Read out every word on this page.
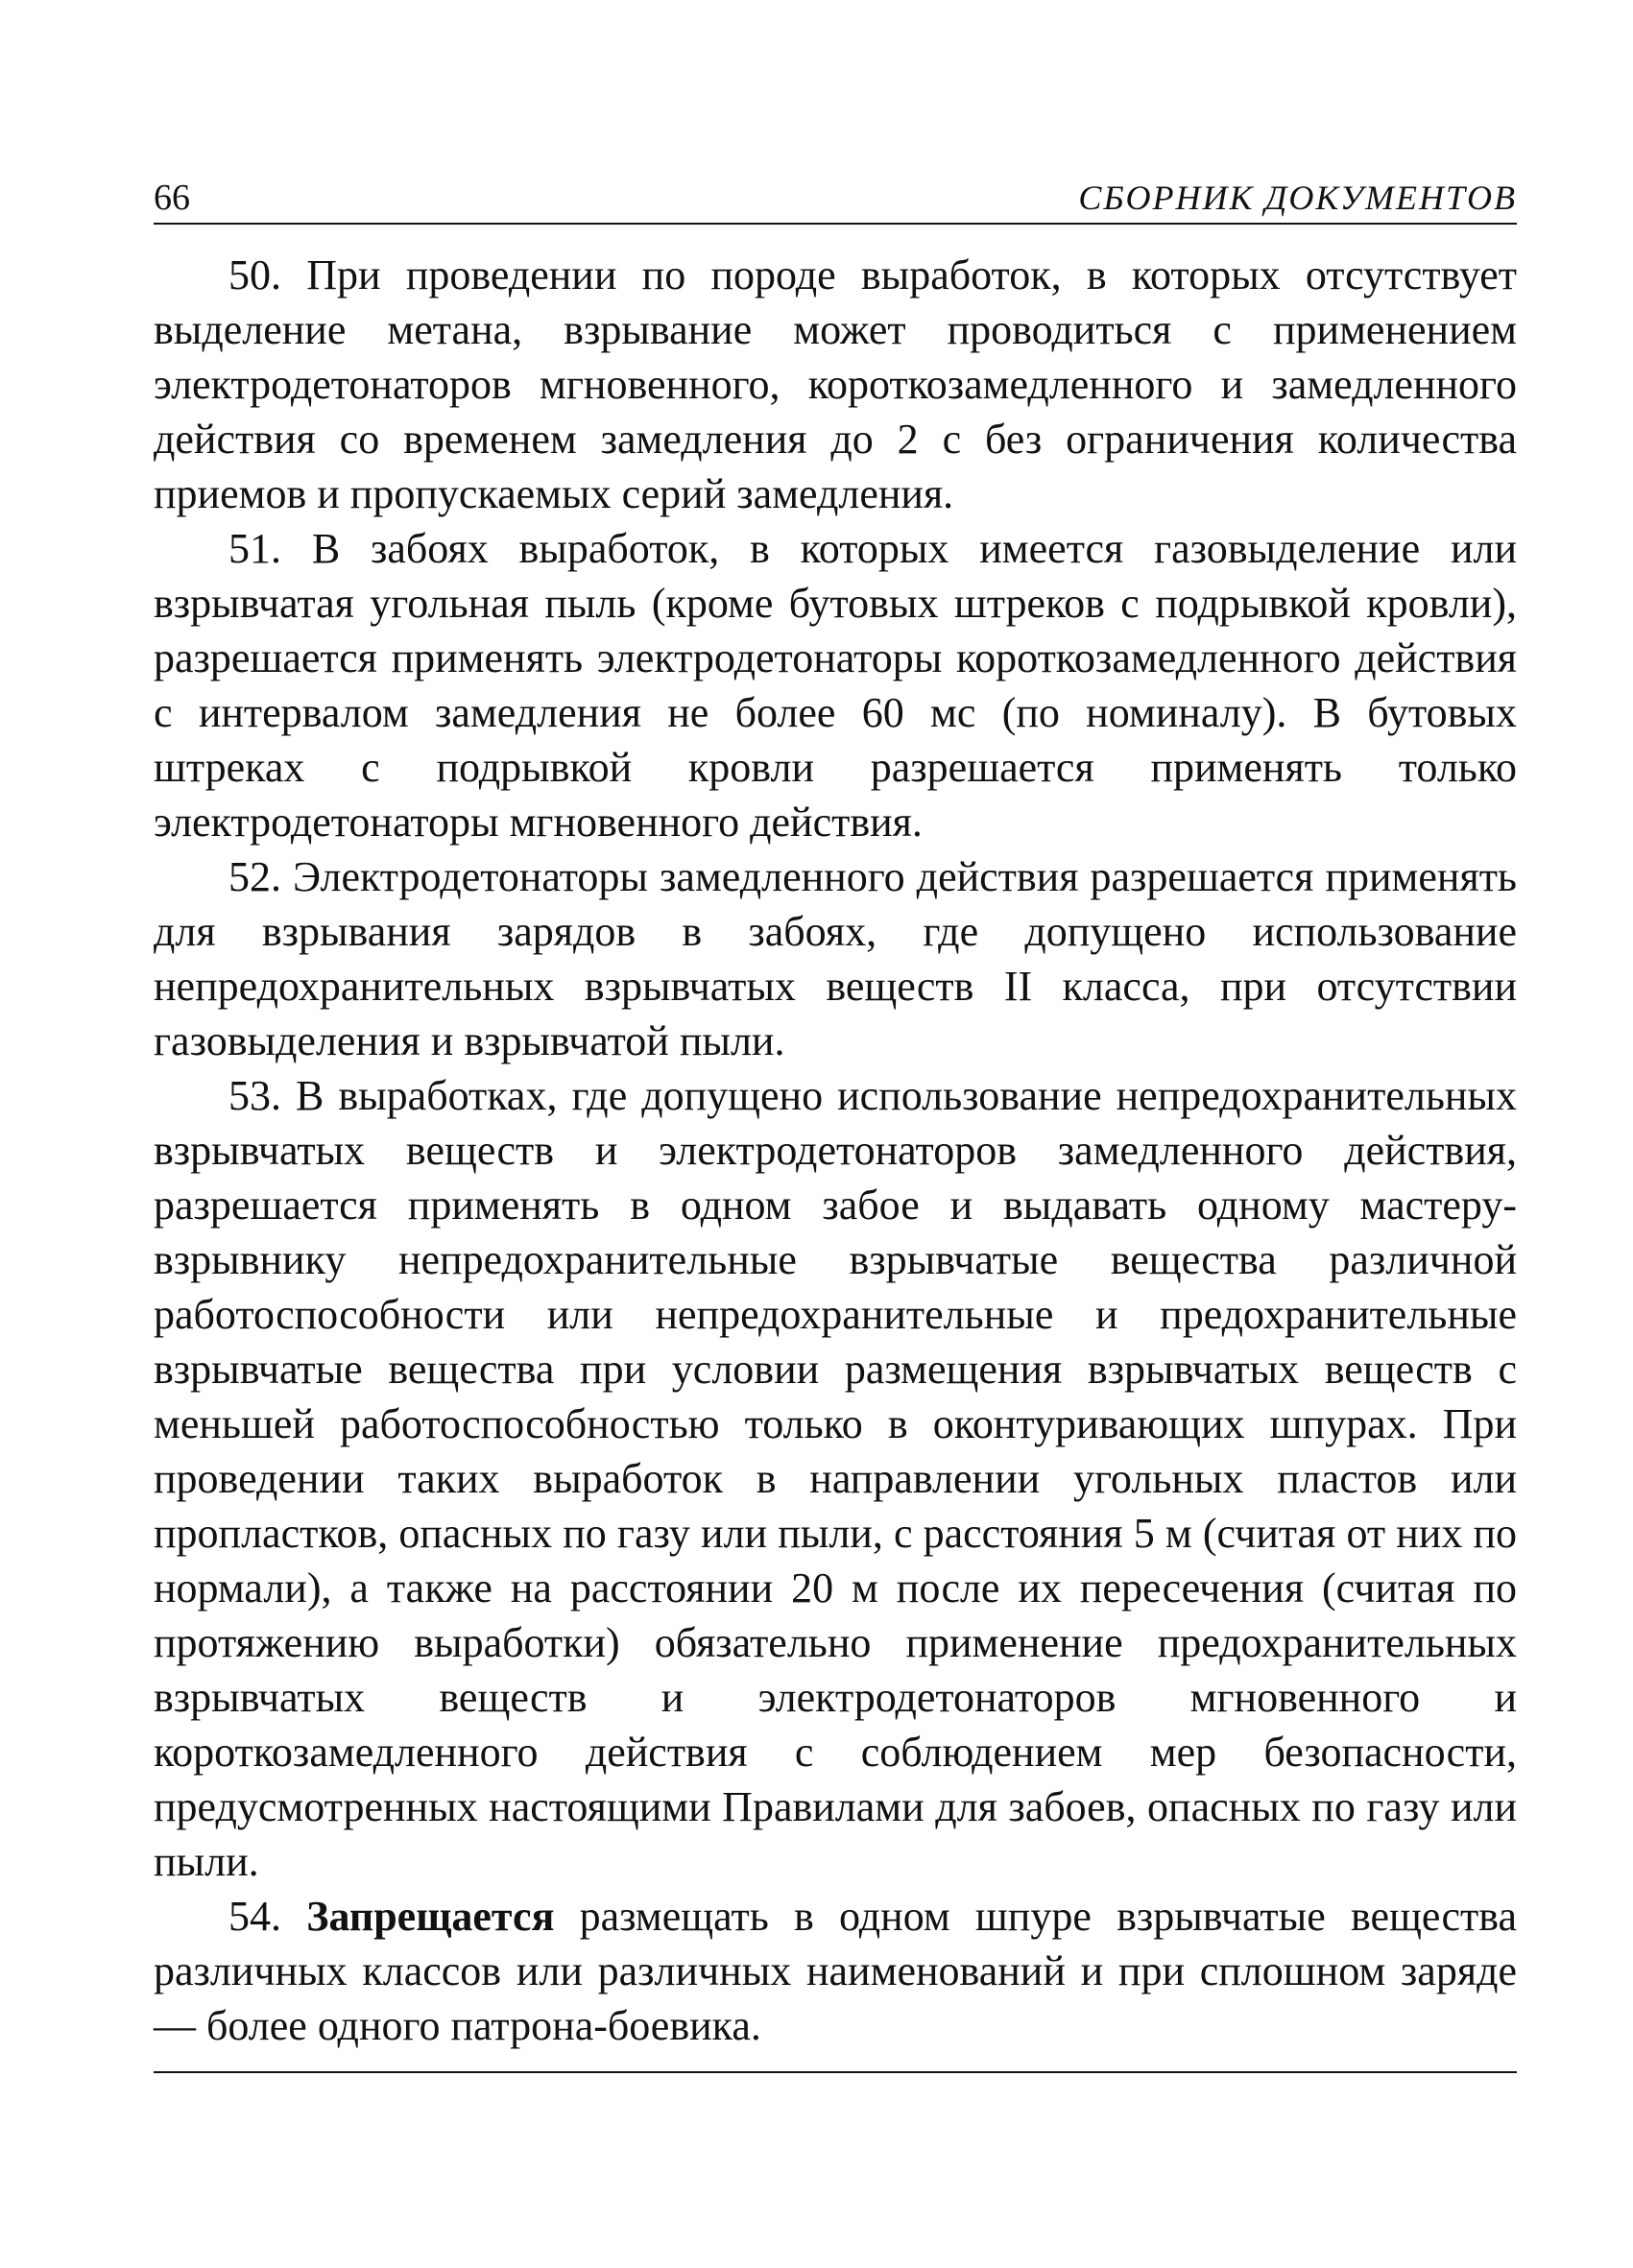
66	СБОРНИК ДОКУМЕНТОВ

50. При проведении по породе выработок, в которых отсутствует выделение метана, взрывание может проводиться с применением электродетонаторов мгновенного, короткозамедленного и замедленного действия со временем замедления до 2 с без ограничения количества приемов и пропускаемых серий замедления.

51. В забоях выработок, в которых имеется газовыделение или взрывчатая угольная пыль (кроме бутовых штреков с подрывкой кровли), разрешается применять электродетонаторы короткозамедленного действия с интервалом замедления не более 60 мс (по номиналу). В бутовых штреках с подрывкой кровли разрешается применять только электродетонаторы мгновенного действия.

52. Электродетонаторы замедленного действия разрешается применять для взрывания зарядов в забоях, где допущено использование непредохранительных взрывчатых веществ II класса, при отсутствии газовыделения и взрывчатой пыли.

53. В выработках, где допущено использование непредохранительных взрывчатых веществ и электродетонаторов замедленного действия, разрешается применять в одном забое и выдавать одному мастеру-взрывнику непредохранительные взрывчатые вещества различной работоспособности или непредохранительные и предохранительные взрывчатые вещества при условии размещения взрывчатых веществ с меньшей работоспособностью только в оконтуривающих шпурах. При проведении таких выработок в направлении угольных пластов или пропластков, опасных по газу или пыли, с расстояния 5 м (считая от них по нормали), а также на расстоянии 20 м после их пересечения (считая по протяжению выработки) обязательно применение предохранительных взрывчатых веществ и электродетонаторов мгновенного и короткозамедленного действия с соблюдением мер безопасности, предусмотренных настоящими Правилами для забоев, опасных по газу или пыли.

54. Запрещается размещать в одном шпуре взрывчатые вещества различных классов или различных наименований и при сплошном заряде — более одного патрона-боевика.
